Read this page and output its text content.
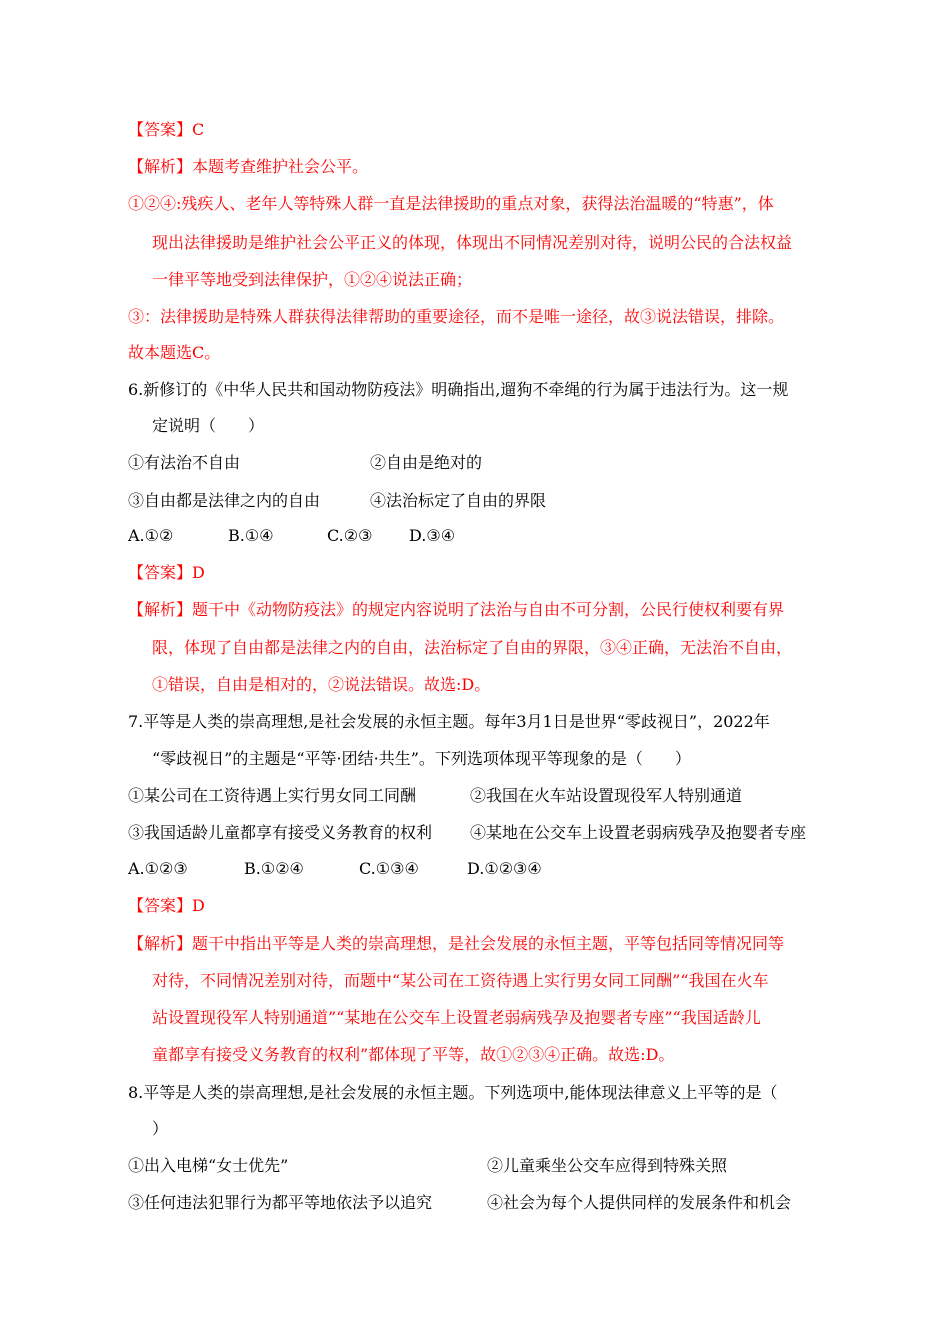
【答案】C
【解析】本题考查维护社会公平。
①②④:残疾人、老年人等特殊人群一直是法律援助的重点对象，获得法治温暖的“特惠”，体
现出法律援助是维护社会公平正义的体现，体现出不同情况差别对待，说明公民的合法权益
一律平等地受到法律保护，①②④说法正确；
③：法律援助是特殊人群获得法律帮助的重要途径，而不是唯一途径，故③说法错误，排除。
故本题选C。
6.新修订的《中华人民共和国动物防疫法》明确指出,遛狗不牵绳的行为属于违法行为。这一规
定说明（　　）
①有法治不自由	②自由是绝对的
③自由都是法律之内的自由	④法治标定了自由的界限
A.①②	B.①④	C.②③ D.③④
【答案】D
【解析】题干中《动物防疫法》的规定内容说明了法治与自由不可分割，公民行使权利要有界
限，体现了自由都是法律之内的自由，法治标定了自由的界限，③④正确，无法治不自由，
①错误，自由是相对的，②说法错误。故选:D。
7.平等是人类的崇高理想,是社会发展的永恒主题。每年3月1日是世界“零歧视日”，2022年
“零歧视日”的主题是“平等·团结·共生”。下列选项体现平等现象的是（　　）
①某公司在工资待遇上实行男女同工同酬	②我国在火车站设置现役军人特别通道
③我国适龄儿童都享有接受义务教育的权利 ④某地在公交车上设置老弱病残孕及抱婴者专座
A.①②③	B.①②④	C.①③④	D.①②③④
【答案】D
【解析】题干中指出平等是人类的崇高理想，是社会发展的永恒主题，平等包括同等情况同等
对待，不同情况差别对待，而题中“某公司在工资待遇上实行男女同工同酬”“我国在火车
站设置现役军人特别通道”“某地在公交车上设置老弱病残孕及抱婴者专座”“我国适龄儿
童都享有接受义务教育的权利”都体现了平等，故①②③④正确。故选:D。
8.平等是人类的崇高理想,是社会发展的永恒主题。下列选项中,能体现法律意义上平等的是（
）
①出入电梯“女士优先”	②儿童乘坐公交车应得到特殊关照
③任何违法犯罪行为都平等地依法予以追究	④社会为每个人提供同样的发展条件和机会
